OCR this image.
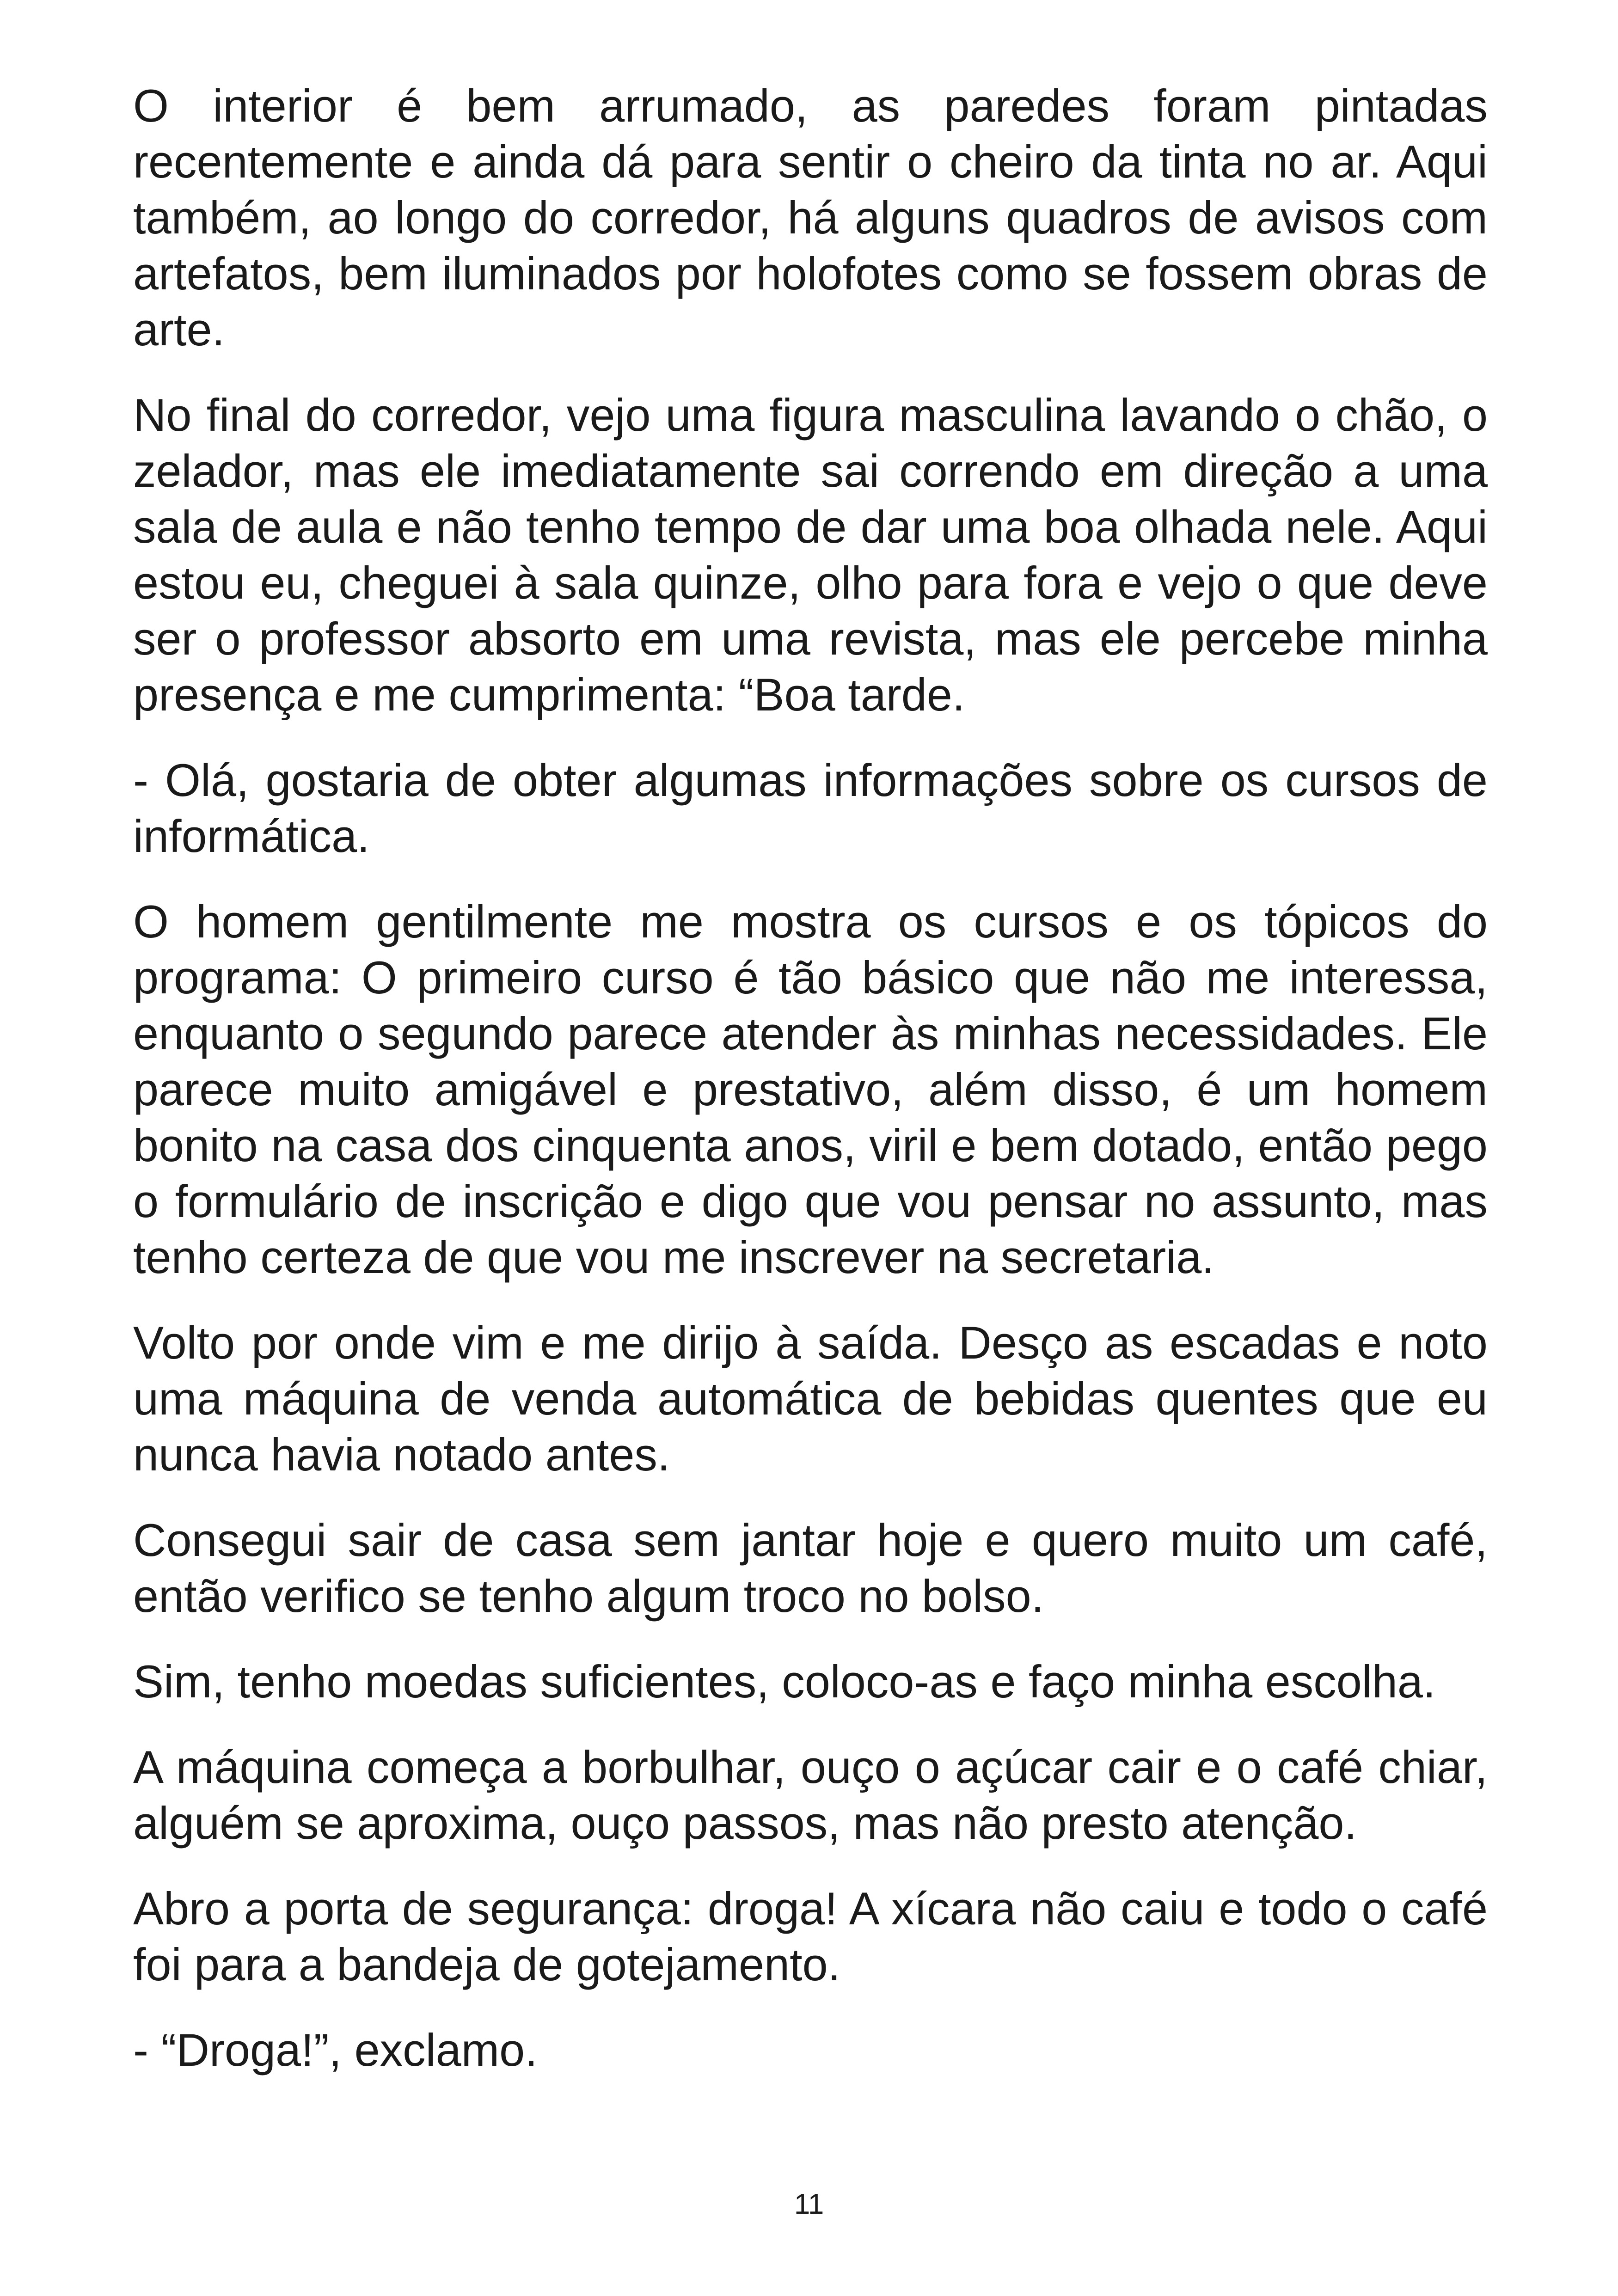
O interior é bem arrumado, as paredes foram pintadas recentemente e ainda dá para sentir o cheiro da tinta no ar. Aqui também, ao longo do corredor, há alguns quadros de avisos com artefatos, bem iluminados por holofotes como se fossem obras de arte.

No final do corredor, vejo uma figura masculina lavando o chão, o zelador, mas ele imediatamente sai correndo em direção a uma sala de aula e não tenho tempo de dar uma boa olhada nele. Aqui estou eu, cheguei à sala quinze, olho para fora e vejo o que deve ser o professor absorto em uma revista, mas ele percebe minha presença e me cumprimenta: “Boa tarde.

- Olá, gostaria de obter algumas informações sobre os cursos de informática.

O homem gentilmente me mostra os cursos e os tópicos do programa: O primeiro curso é tão básico que não me interessa, enquanto o segundo parece atender às minhas necessidades. Ele parece muito amigável e prestativo, além disso, é um homem bonito na casa dos cinquenta anos, viril e bem dotado, então pego o formulário de inscrição e digo que vou pensar no assunto, mas tenho certeza de que vou me inscrever na secretaria.

Volto por onde vim e me dirijo à saída. Desço as escadas e noto uma máquina de venda automática de bebidas quentes que eu nunca havia notado antes.

Consegui sair de casa sem jantar hoje e quero muito um café, então verifico se tenho algum troco no bolso.

Sim, tenho moedas suficientes, coloco-as e faço minha escolha.

A máquina começa a borbulhar, ouço o açúcar cair e o café chiar, alguém se aproxima, ouço passos, mas não presto atenção.

Abro a porta de segurança: droga! A xícara não caiu e todo o café foi para a bandeja de gotejamento.

- “Droga!”, exclamo.

11
